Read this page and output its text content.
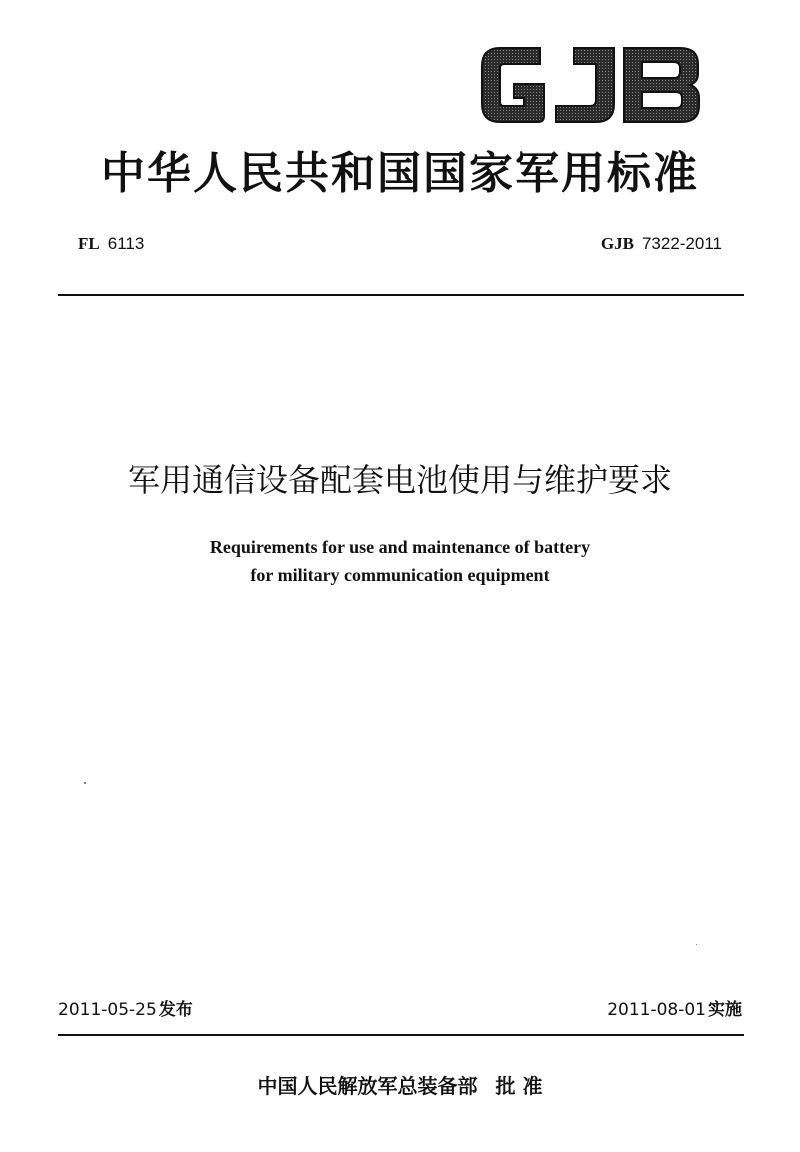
中华人民共和国国家军用标准
FL 6113	GJB 7322-2011
军用通信设备配套电池使用与维护要求
Requirements for use and maintenance of battery
for military communication equipment
2011-05-25 发布	2011-08-01 实施
中国人民解放军总装备部 批 准
